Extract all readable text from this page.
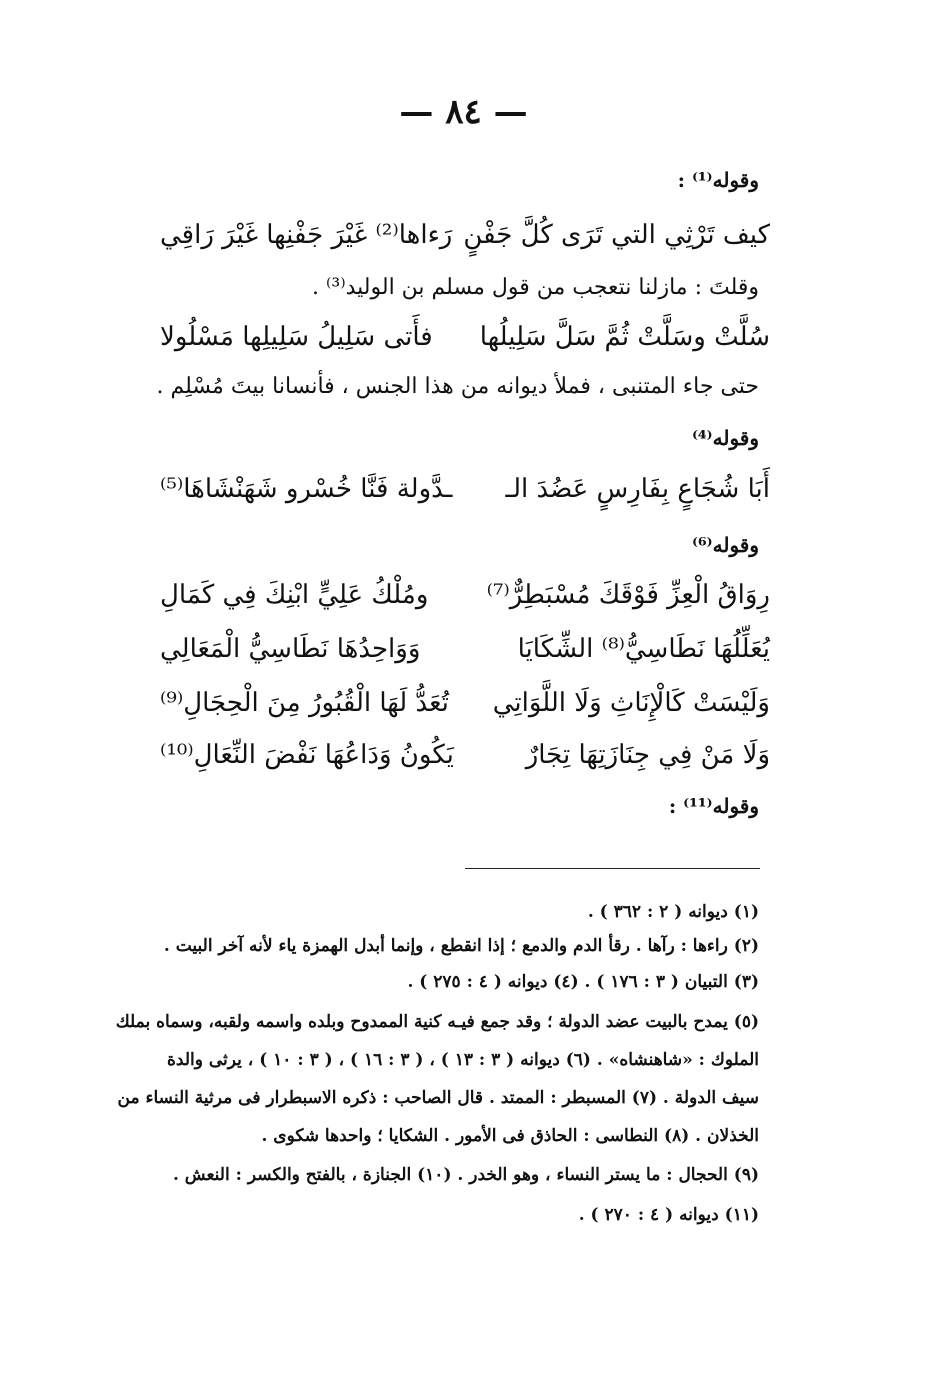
— ٨٤ —
وقوله⁽¹⁾ :
كيف تَرْثِي التي تَرَى كُلَّ جَفْنٍ
رَءاها⁽²⁾ غَيْرَ جَفْنِها غَيْرَ رَاقِي
وقلتَ : مازلنا نتعجب من قول مسلم بن الوليد⁽³⁾ .
سُلَّتْ وسَلَّتْ ثُمَّ سَلَّ سَلِيلُها
فأَتى سَلِيلُ سَلِيلِها مَسْلُولا
حتى جاء المتنبى ، فملأ ديوانه من هذا الجنس ، فأنسانا بيتَ مُسْلِم .
وقوله⁽⁴⁾
أَبَا شُجَاعٍ بِفَارِسٍ عَضُدَ الـ
ـدَّولة فَنَّا خُسْرو شَهَنْشَاهَا⁽⁵⁾
وقوله⁽⁶⁾
رِوَاقُ الْعِزِّ فَوْقَكَ مُسْبَطِرٌّ⁽⁷⁾
ومُلْكُ عَلِيٍّ ابْنِكَ فِي كَمَالِ
يُعَلِّلُهَا نَطَاسِيُّ⁽⁸⁾ الشِّكَايَا
وَوَاحِدُهَا نَطَاسِيُّ الْمَعَالِي
وَلَيْسَتْ كَالْإِنَاثِ وَلَا اللَّوَاتِي
تُعَدُّ لَهَا الْقُبُورُ مِنَ الْحِجَالِ⁽⁹⁾
وَلَا مَنْ فِي جِنَازَتِهَا تِجَارٌ
يَكُونُ وَدَاعُهَا نَفْضَ النِّعَالِ⁽¹⁰⁾
وقوله⁽¹¹⁾ :
(١) ديوانه ( ٢ : ٣٦٢ ) .
(٢) راءها : رآها . رقأ الدم والدمع ؛ إذا انقطع ، وإنما أبدل الهمزة ياء لأنه آخر البيت .
(٣) التبيان ( ٣ : ١٧٦ ) . (٤) ديوانه ( ٤ : ٢٧٥ ) .
(٥) يمدح بالبيت عضد الدولة ؛ وقد جمع فيـه كنية الممدوح وبلده واسمه ولقبه، وسماه بملك
الملوك : «شاهنشاه» . (٦) ديوانه ( ٣ : ١٣ ) ، ( ٣ : ١٦ ) ، ( ٣ : ١٠ ) ، يرثى والدة
سيف الدولة . (٧) المسبطر : الممتد . قال الصاحب : ذكره الاسبطرار فى مرثية النساء من
الخذلان . (٨) النطاسى : الحاذق فى الأمور . الشكايا ؛ واحدها شكوى .
(٩) الحجال : ما يستر النساء ، وهو الخدر . (١٠) الجنازة ، بالفتح والكسر : النعش .
(١١) ديوانه ( ٤ : ٢٧٠ ) .
